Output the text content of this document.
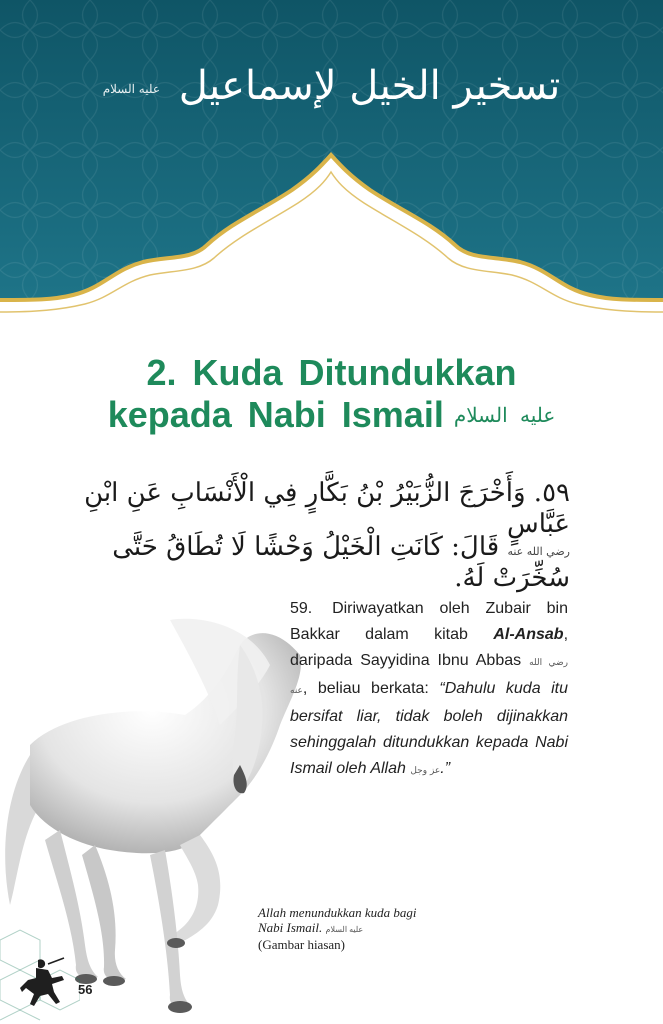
تسخير الخيل لإسماعيل عليه السلام
2. Kuda Ditundukkan
kepada Nabi Ismail عليه السلام
٥٩. وَأَخْرَجَ الزُّبَيْرُ بْنُ بَكَّارٍ فِي الْأَنْسَابِ عَنِ ابْنِ عَبَّاسٍ
رضي الله عنه قَالَ: كَانَتِ الْخَيْلُ وَحْشًا لَا تُطَاقُ حَتَّى سُخِّرَتْ لَهُ.
59. Diriwayatkan oleh Zubair bin Bakkar dalam kitab Al-Ansab, daripada Sayyidina Ibnu Abbas رضي الله عنه, beliau berkata: “Dahulu kuda itu bersifat liar, tidak boleh dijinakkan sehinggalah ditundukkan kepada Nabi Ismail oleh Allah عز وجل.”
Allah menundukkan kuda bagi Nabi Ismail. عليه السلام
(Gambar hiasan)
56
